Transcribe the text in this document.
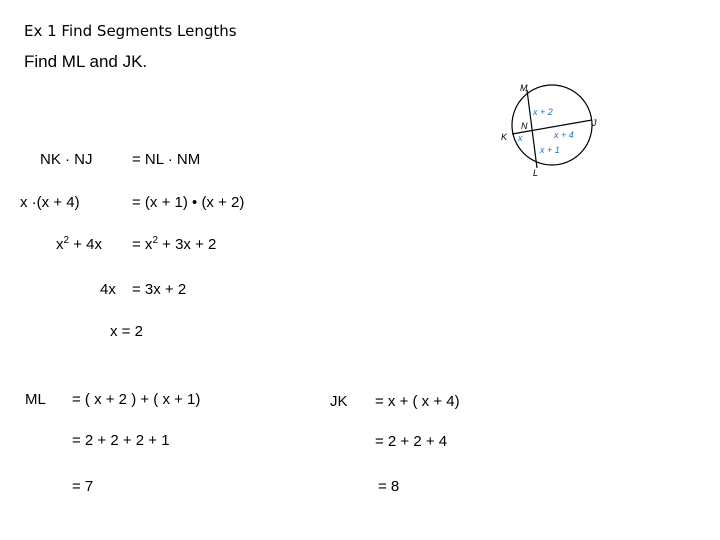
Ex 1 Find Segments Lengths
Find ML and JK.
M
N
K
J
L
x + 2
x	x + 4
x + 1
NK · NJ	= NL · NM
x ·(x + 4)	= (x + 1) • (x + 2)
$x^2 + 4x = x^2 + 3x + 2$
4x = 3x + 2
x = 2
ML = ( x + 2 ) + ( x + 1)
= 2 + 2 + 2 + 1
= 7
JK = x + ( x + 4)
= 2 + 2 + 4
= 8
